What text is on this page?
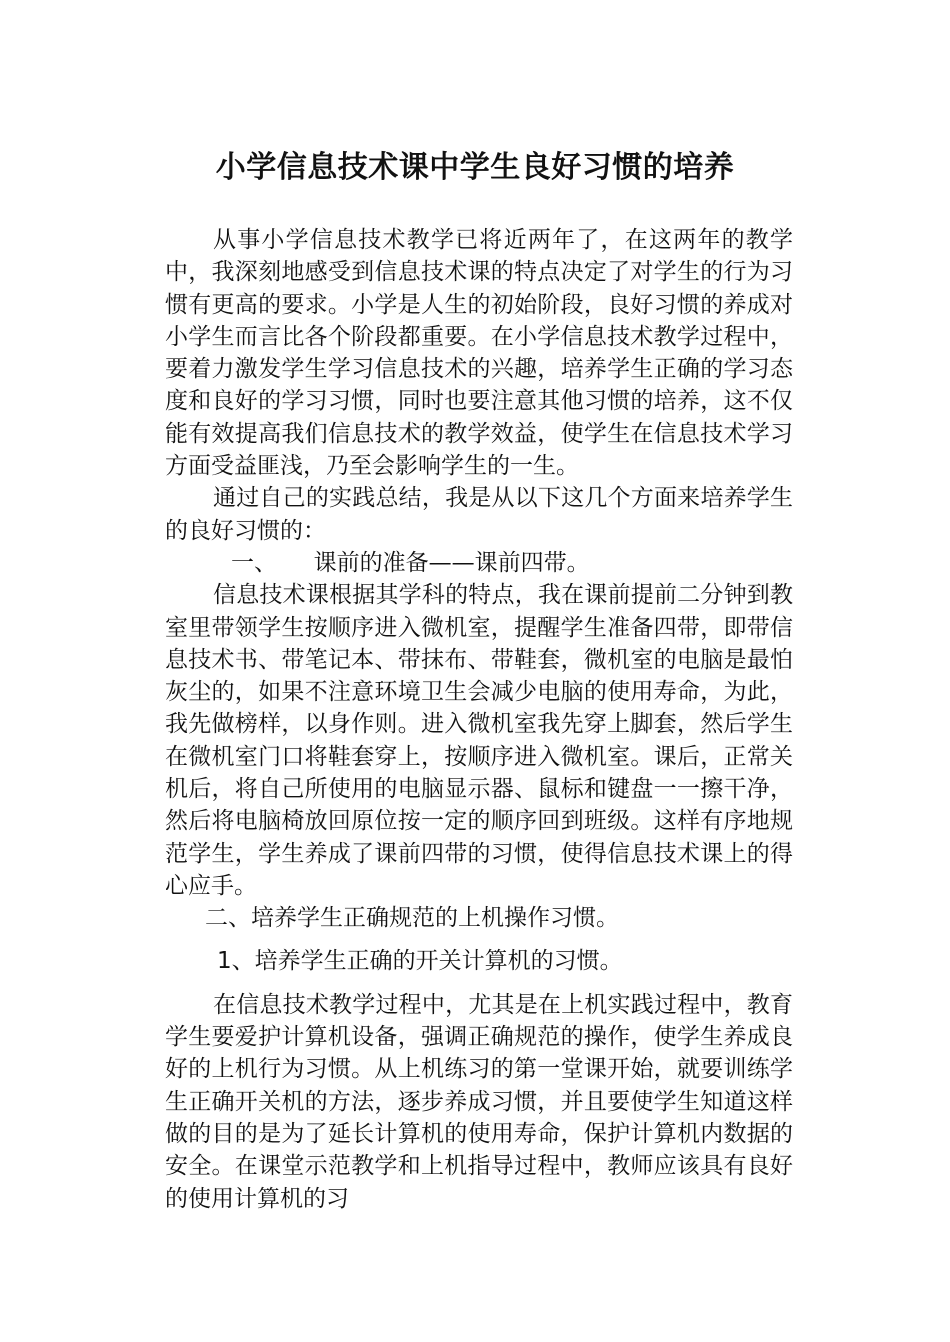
小学信息技术课中学生良好习惯的培养

从事小学信息技术教学已将近两年了，在这两年的教学中，我深刻地感受到信息技术课的特点决定了对学生的行为习惯有更高的要求。小学是人生的初始阶段，良好习惯的养成对小学生而言比各个阶段都重要。在小学信息技术教学过程中，要着力激发学生学习信息技术的兴趣，培养学生正确的学习态度和良好的学习习惯，同时也要注意其他习惯的培养，这不仅能有效提高我们信息技术的教学效益，使学生在信息技术学习方面受益匪浅，乃至会影响学生的一生。

通过自己的实践总结，我是从以下这几个方面来培养学生的良好习惯的：

一、 课前的准备——课前四带。

信息技术课根据其学科的特点，我在课前提前二分钟到教室里带领学生按顺序进入微机室，提醒学生准备四带，即带信息技术书、带笔记本、带抹布、带鞋套，微机室的电脑是最怕灰尘的，如果不注意环境卫生会减少电脑的使用寿命，为此，我先做榜样，以身作则。进入微机室我先穿上脚套，然后学生在微机室门口将鞋套穿上，按顺序进入微机室。课后，正常关机后，将自己所使用的电脑显示器、鼠标和键盘一一擦干净，然后将电脑椅放回原位按一定的顺序回到班级。这样有序地规范学生，学生养成了课前四带的习惯，使得信息技术课上的得心应手。

二、培养学生正确规范的上机操作习惯。

1、培养学生正确的开关计算机的习惯。

在信息技术教学过程中，尤其是在上机实践过程中，教育学生要爱护计算机设备，强调正确规范的操作，使学生养成良好的上机行为习惯。从上机练习的第一堂课开始，就要训练学生正确开关机的方法，逐步养成习惯，并且要使学生知道这样做的目的是为了延长计算机的使用寿命，保护计算机内数据的安全。在课堂示范教学和上机指导过程中，教师应该具有良好的使用计算机的习
